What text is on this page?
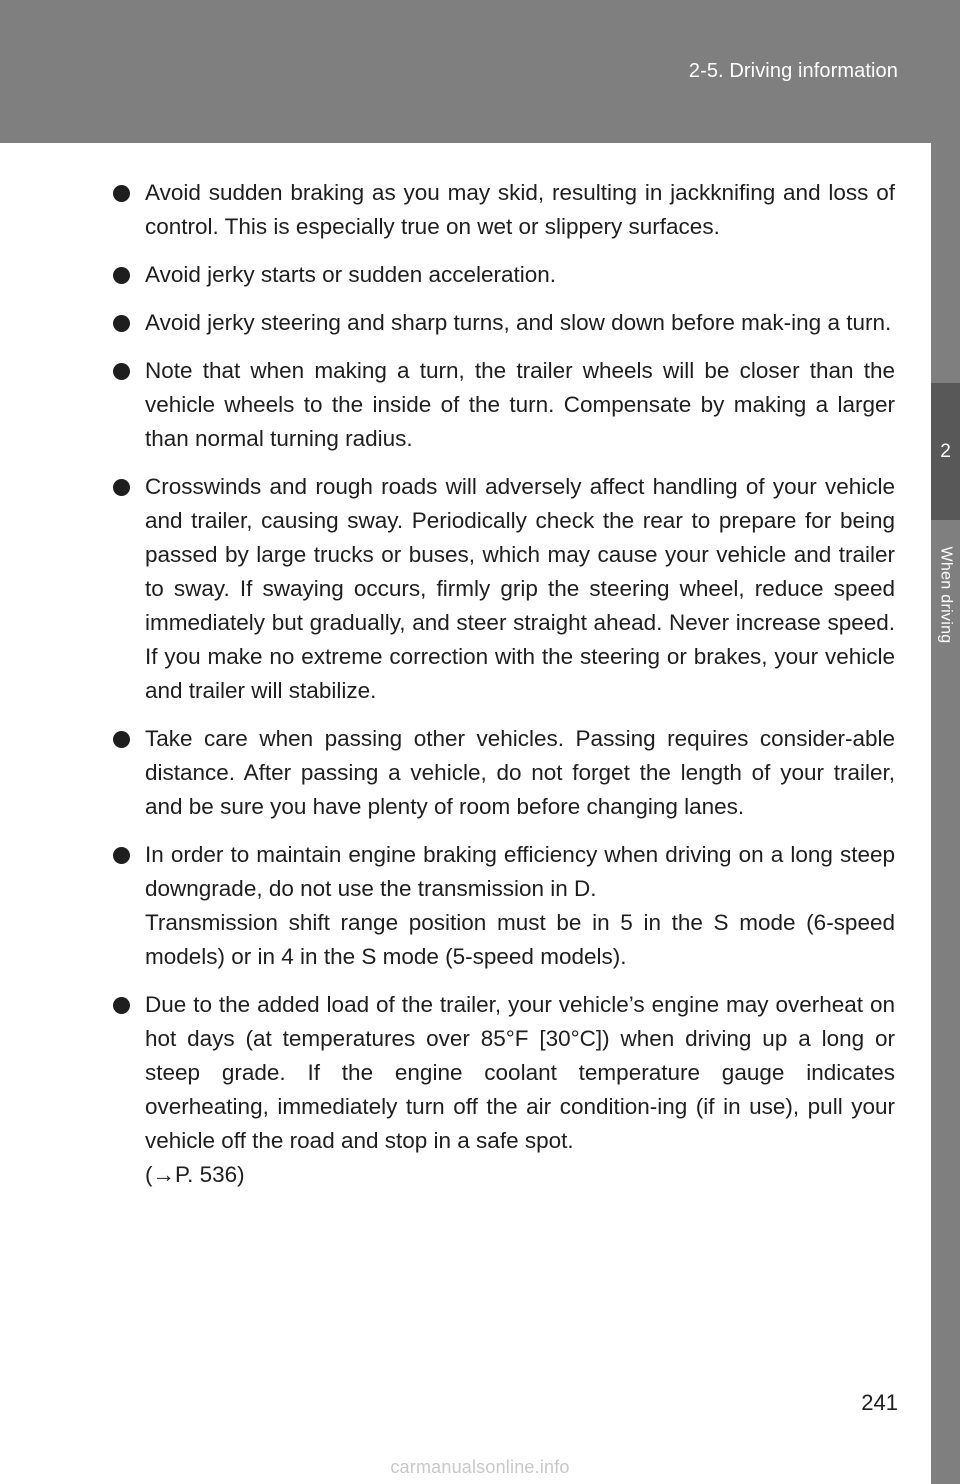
2-5. Driving information
2
When driving

Avoid sudden braking as you may skid, resulting in jackknifing and loss of control. This is especially true on wet or slippery surfaces.

Avoid jerky starts or sudden acceleration.

Avoid jerky steering and sharp turns, and slow down before mak-ing a turn.

Note that when making a turn, the trailer wheels will be closer than the vehicle wheels to the inside of the turn. Compensate by making a larger than normal turning radius.

Crosswinds and rough roads will adversely affect handling of your vehicle and trailer, causing sway. Periodically check the rear to prepare for being passed by large trucks or buses, which may cause your vehicle and trailer to sway. If swaying occurs, firmly grip the steering wheel, reduce speed immediately but gradually, and steer straight ahead. Never increase speed. If you make no extreme correction with the steering or brakes, your vehicle and trailer will stabilize.

Take care when passing other vehicles. Passing requires consider-able distance. After passing a vehicle, do not forget the length of your trailer, and be sure you have plenty of room before changing lanes.

In order to maintain engine braking efficiency when driving on a long steep downgrade, do not use the transmission in D.

Transmission shift range position must be in 5 in the S mode (6-speed models) or in 4 in the S mode (5-speed models).

Due to the added load of the trailer, your vehicle’s engine may overheat on hot days (at temperatures over 85°F [30°C]) when driving up a long or steep grade. If the engine coolant temperature gauge indicates overheating, immediately turn off the air condition-ing (if in use), pull your vehicle off the road and stop in a safe spot.

(→P. 536)

241
carmanualsonline.info
